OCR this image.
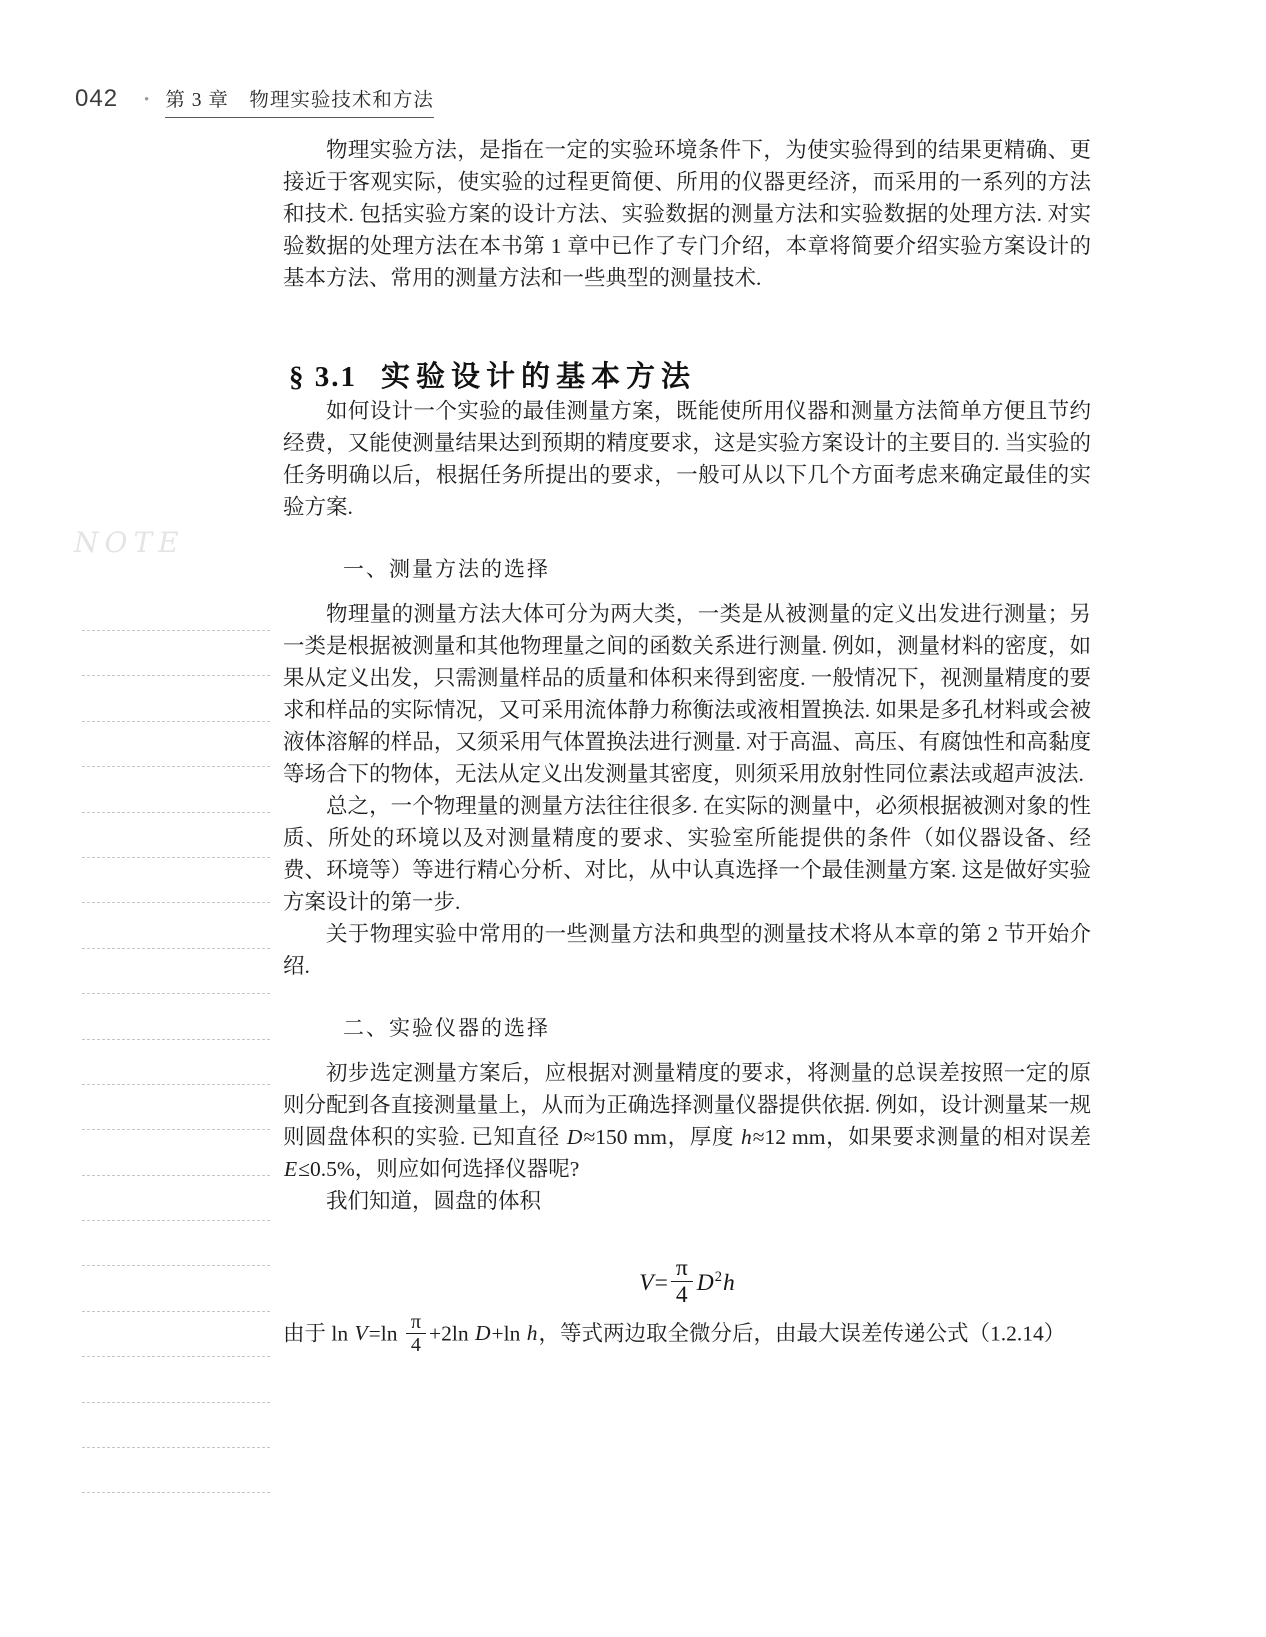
042 • 第 3 章　物理实验技术和方法
NOTE

物理实验方法，是指在一定的实验环境条件下，为使实验得到的结果更精确、更接近于客观实际，使实验的过程更简便、所用的仪器更经济，而采用的一系列的方法和技术. 包括实验方案的设计方法、实验数据的测量方法和实验数据的处理方法. 对实验数据的处理方法在本书第 1 章中已作了专门介绍，本章将简要介绍实验方案设计的基本方法、常用的测量方法和一些典型的测量技术.

§ 3.1 实验设计的基本方法

如何设计一个实验的最佳测量方案，既能使所用仪器和测量方法简单方便且节约经费，又能使测量结果达到预期的精度要求，这是实验方案设计的主要目的. 当实验的任务明确以后，根据任务所提出的要求，一般可从以下几个方面考虑来确定最佳的实验方案.

一、测量方法的选择

物理量的测量方法大体可分为两大类，一类是从被测量的定义出发进行测量；另一类是根据被测量和其他物理量之间的函数关系进行测量. 例如，测量材料的密度，如果从定义出发，只需测量样品的质量和体积来得到密度. 一般情况下，视测量精度的要求和样品的实际情况，又可采用流体静力称衡法或液相置换法. 如果是多孔材料或会被液体溶解的样品，又须采用气体置换法进行测量. 对于高温、高压、有腐蚀性和高黏度等场合下的物体，无法从定义出发测量其密度，则须采用放射性同位素法或超声波法.

总之，一个物理量的测量方法往往很多. 在实际的测量中，必须根据被测对象的性质、所处的环境以及对测量精度的要求、实验室所能提供的条件（如仪器设备、经费、环境等）等进行精心分析、对比，从中认真选择一个最佳测量方案. 这是做好实验方案设计的第一步.

关于物理实验中常用的一些测量方法和典型的测量技术将从本章的第 2 节开始介绍.

二、实验仪器的选择

初步选定测量方案后，应根据对测量精度的要求，将测量的总误差按照一定的原则分配到各直接测量量上，从而为正确选择测量仪器提供依据. 例如，设计测量某一规则圆盘体积的实验. 已知直径 D≈150 mm，厚度 h≈12 mm，如果要求测量的相对误差 E≤0.5%，则应如何选择仪器呢?

我们知道，圆盘的体积

$V= \frac{\pi}{4} D^2h$

由于 $\ln V=\ln \frac{\pi}{4} +2\ln$ D+ln h，等式两边取全微分后，由最大误差传递公式（1.2.14）
